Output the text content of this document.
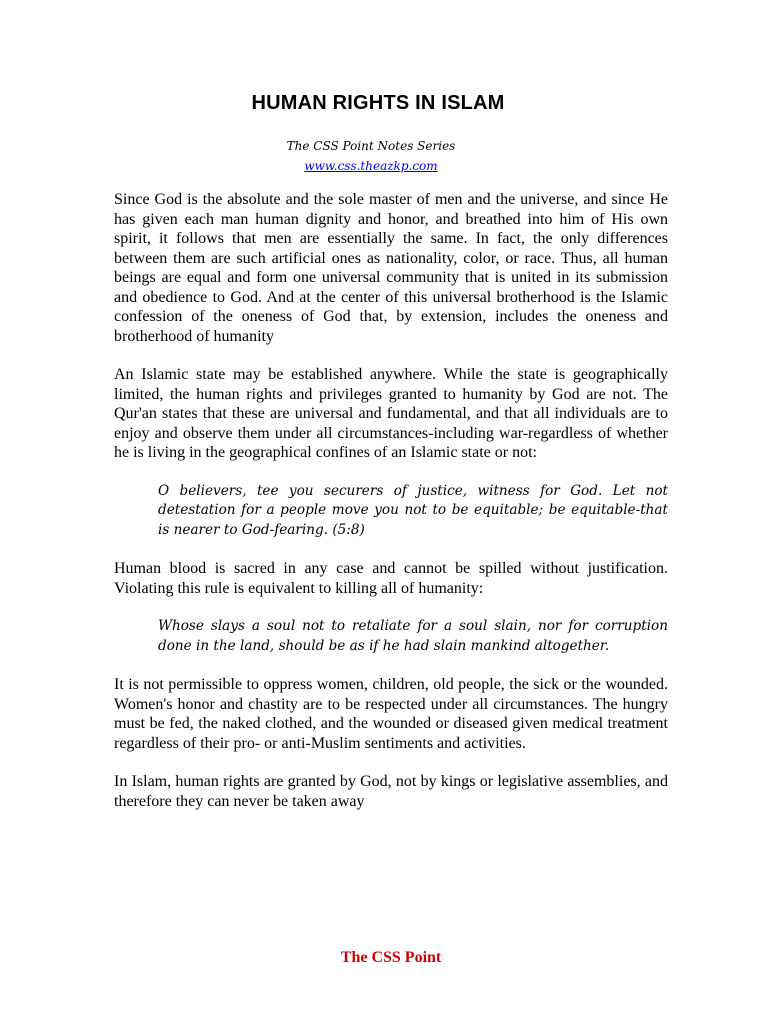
HUMAN RIGHTS IN ISLAM
The CSS Point Notes Series
www.css.theazkp.com

Since God is the absolute and the sole master of men and the universe, and since He has given each man human dignity and honor, and breathed into him of His own spirit, it follows that men are essentially the same. In fact, the only differences between them are such artificial ones as nationality, color, or race. Thus, all human beings are equal and form one universal community that is united in its submission and obedience to God. And at the center of this universal brotherhood is the Islamic confession of the oneness of God that, by extension, includes the oneness and brotherhood of humanity

An Islamic state may be established anywhere. While the state is geographically limited, the human rights and privileges granted to humanity by God are not. The Qur'an states that these are universal and fundamental, and that all individuals are to enjoy and observe them under all circumstances-including war-regardless of whether he is living in the geographical confines of an Islamic state or not:

O believers, tee you securers of justice, witness for God. Let not detestation for a people move you not to be equitable; be equitable-that is nearer to God-fearing. (5:8)

Human blood is sacred in any case and cannot be spilled without justification. Violating this rule is equivalent to killing all of humanity:

Whose slays a soul not to retaliate for a soul slain, nor for corruption done in the land, should be as if he had slain mankind altogether.

It is not permissible to oppress women, children, old people, the sick or the wounded. Women's honor and chastity are to be respected under all circumstances. The hungry must be fed, the naked clothed, and the wounded or diseased given medical treatment regardless of their pro- or anti-Muslim sentiments and activities.

In Islam, human rights are granted by God, not by kings or legislative assemblies, and therefore they can never be taken away

The CSS Point
